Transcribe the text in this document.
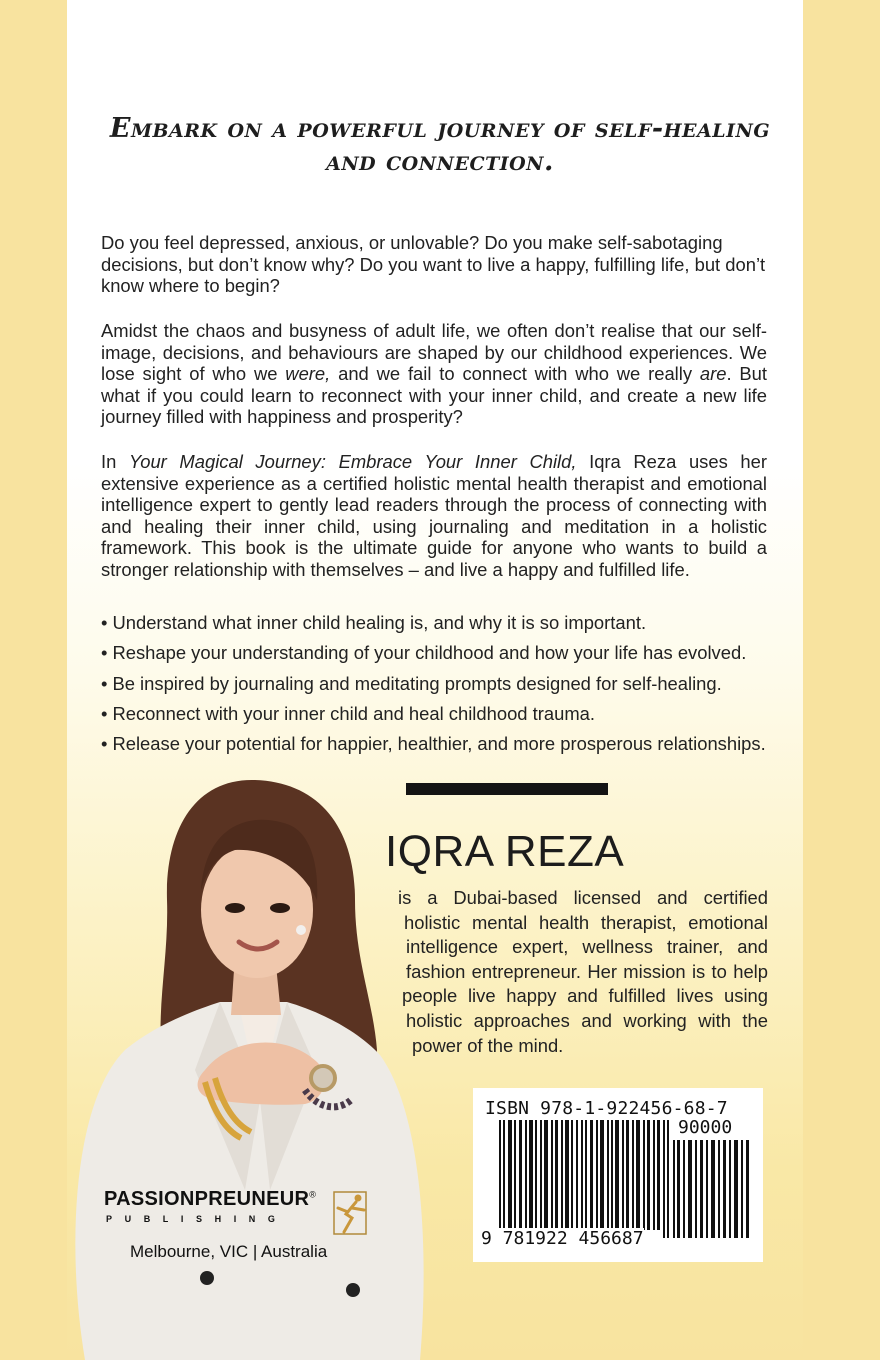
Embark on a powerful journey of self-healing and connection.

Do you feel depressed, anxious, or unlovable? Do you make self-sabotaging decisions, but don’t know why? Do you want to live a happy, fulfilling life, but don’t know where to begin?

Amidst the chaos and busyness of adult life, we often don’t realise that our self-image, decisions, and behaviours are shaped by our childhood experiences. We lose sight of who we were, and we fail to connect with who we really are. But what if you could learn to reconnect with your inner child, and create a new life journey filled with happiness and prosperity?

In Your Magical Journey: Embrace Your Inner Child, Iqra Reza uses her extensive experience as a certified holistic mental health therapist and emotional intelligence expert to gently lead readers through the process of connecting with and healing their inner child, using journaling and meditation in a holistic framework. This book is the ultimate guide for anyone who wants to build a stronger relationship with themselves – and live a happy and fulfilled life.

• Understand what inner child healing is, and why it is so important.
• Reshape your understanding of your childhood and how your life has evolved.
• Be inspired by journaling and meditating prompts designed for self-healing.
• Reconnect with your inner child and heal childhood trauma.
• Release your potential for happier, healthier, and more prosperous relationships.
IQRA REZA

is a Dubai-based licensed and certified
holistic mental health therapist, emotional
intelligence expert, wellness trainer, and
fashion entrepreneur. Her mission is to help
people live happy and fulfilled lives using
holistic approaches and working with the
power of the mind.

PASSIONPREUNEUR®

PUBLISHING

Melbourne, VIC | Australia

ISBN 978-1-922456-68-7

90000

9 781922 456687
